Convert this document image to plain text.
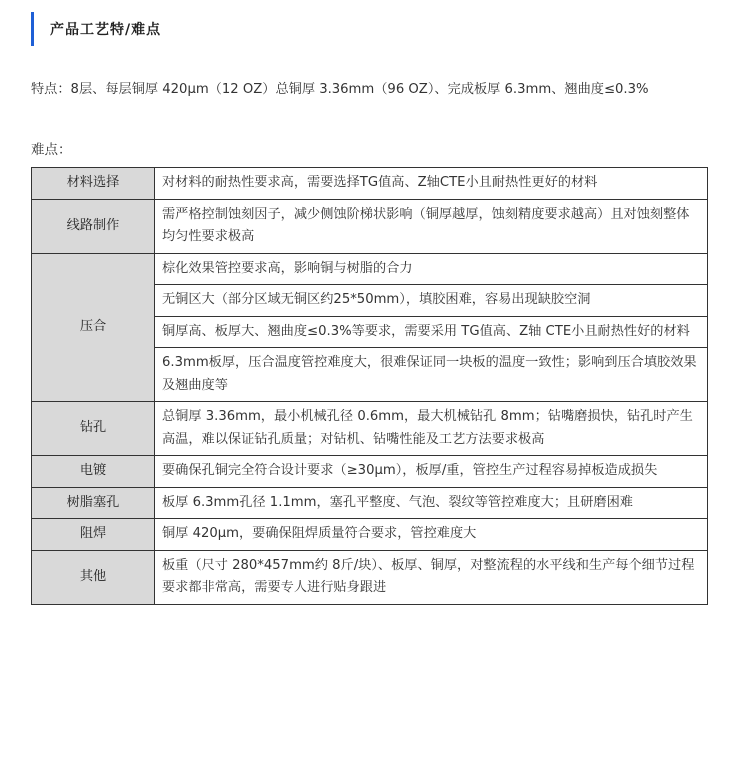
产品工艺特/难点
特点：8层、每层铜厚 420μm（12 OZ）总铜厚 3.36mm（96 OZ）、完成板厚 6.3mm、翘曲度≤0.3%
难点：
材料选择	对材料的耐热性要求高，需要选择TG值高、Z轴CTE小且耐热性更好的材料
线路制作	需严格控制蚀刻因子，减少侧蚀阶梯状影响（铜厚越厚，蚀刻精度要求越高）且对蚀刻整体均匀性要求极高
压合	棕化效果管控要求高，影响铜与树脂的合力
	无铜区大（部分区域无铜区约25*50mm），填胶困难，容易出现缺胶空洞
	铜厚高、板厚大、翘曲度≤0.3%等要求，需要采用 TG值高、Z轴 CTE小且耐热性好的材料
	6.3mm板厚，压合温度管控难度大，很难保证同一块板的温度一致性；影响到压合填胶效果及翘曲度等
钻孔	总铜厚 3.36mm，最小机械孔径 0.6mm，最大机械钻孔 8mm；钻嘴磨损快，钻孔时产生高温，难以保证钻孔质量；对钻机、钻嘴性能及工艺方法要求极高
电镀	要确保孔铜完全符合设计要求（≥30μm），板厚/重，管控生产过程容易掉板造成损失
树脂塞孔	板厚 6.3mm孔径 1.1mm，塞孔平整度、气泡、裂纹等管控难度大；且研磨困难
阻焊	铜厚 420μm，要确保阻焊质量符合要求，管控难度大
其他	板重（尺寸 280*457mm约 8斤/块）、板厚、铜厚，对整流程的水平线和生产每个细节过程要求都非常高，需要专人进行贴身跟进
